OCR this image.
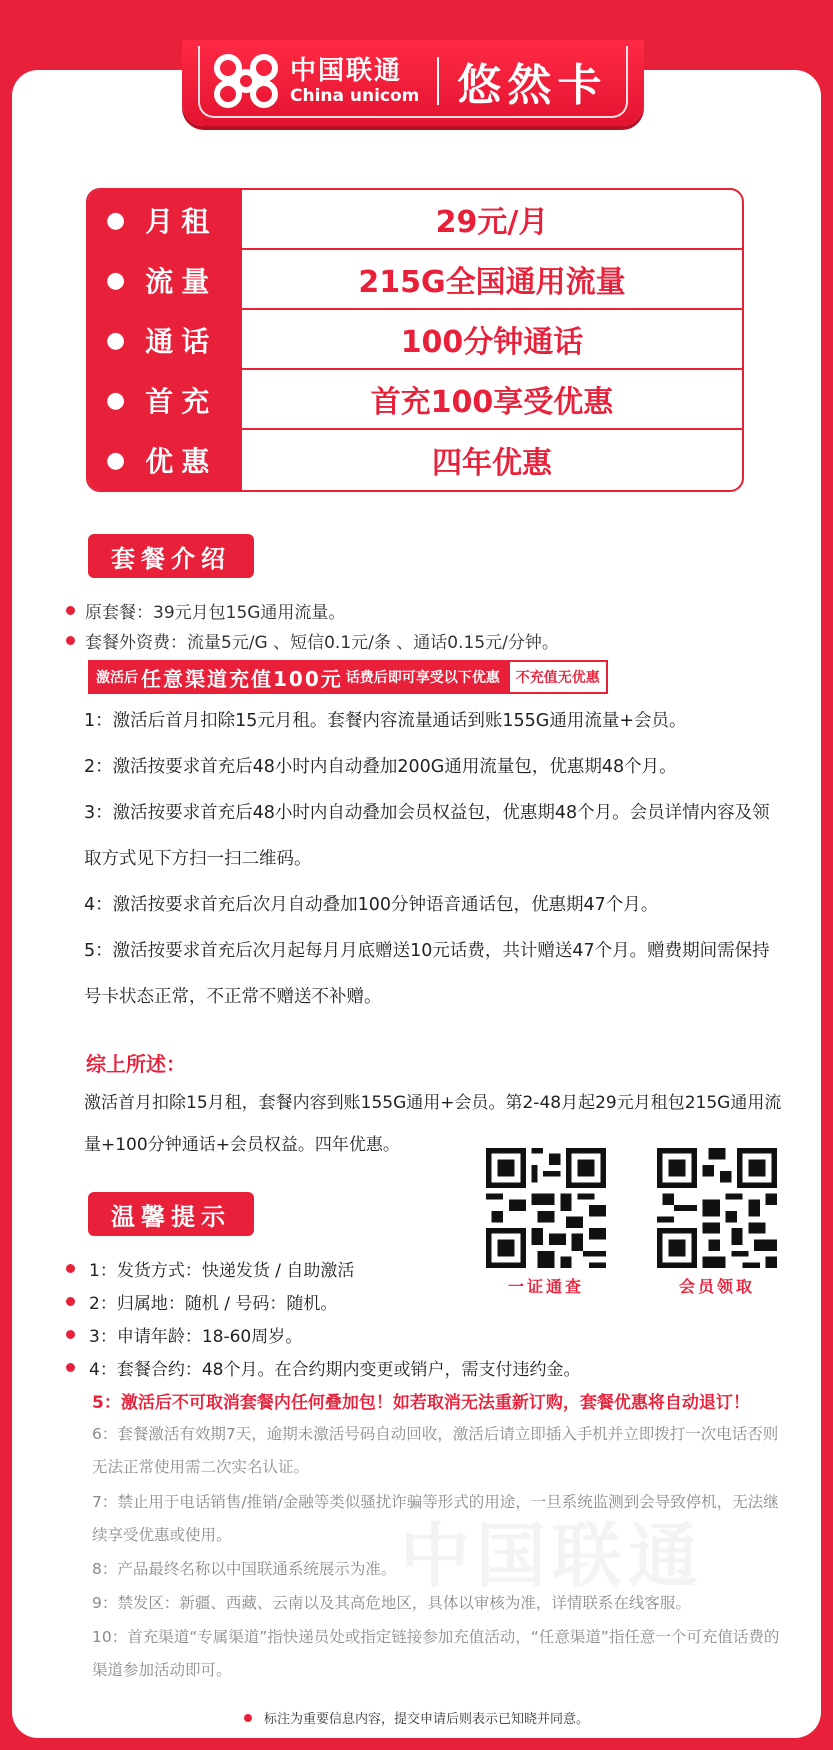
中国联通
China unicom 悠然卡
● 月租	29元/月
● 流量	215G全国通用流量
● 通话	100分钟通话
● 首充	首充100享受优惠
● 优惠	四年优惠
套餐介绍
原套餐：39元月包15G通用流量。
套餐外资费：流量5元/G 、短信0.1元/条 、通话0.15元/分钟。
激活后 任意渠道充值100元 话费后即可享受以下优惠	不充值无优惠
1：激活后首月扣除15元月租。套餐内容流量通话到账155G通用流量+会员。
2：激活按要求首充后48小时内自动叠加200G通用流量包，优惠期48个月。
3：激活按要求首充后48小时内自动叠加会员权益包，优惠期48个月。会员详情内容及领取方式见下方扫一扫二维码。
4：激活按要求首充后次月自动叠加100分钟语音通话包，优惠期47个月。
5：激活按要求首充后次月起每月月底赠送10元话费，共计赠送47个月。赠费期间需保持号卡状态正常，不正常不赠送不补赠。
综上所述：
激活首月扣除15月租，套餐内容到账155G通用+会员。第2-48月起29元月租包215G通用流量+100分钟通话+会员权益。四年优惠。
一证通查	会员领取
温馨提示
1：发货方式：快递发货 / 自助激活
2：归属地：随机 / 号码：随机。
3：申请年龄：18-60周岁。
4：套餐合约：48个月。在合约期内变更或销户，需支付违约金。
5：激活后不可取消套餐内任何叠加包！如若取消无法重新订购，套餐优惠将自动退订！
中国联通
6：套餐激活有效期7天，逾期未激活号码自动回收，激活后请立即插入手机并立即拨打一次电话否则无法正常使用需二次实名认证。
7：禁止用于电话销售/推销/金融等类似骚扰诈骗等形式的用途，一旦系统监测到会导致停机，无法继续享受优惠或使用。
8：产品最终名称以中国联通系统展示为准。
9：禁发区：新疆、西藏、云南以及其高危地区，具体以审核为准，详情联系在线客服。
10：首充渠道“专属渠道”指快递员处或指定链接参加充值活动，“任意渠道”指任意一个可充值话费的渠道参加活动即可。
标注为重要信息内容，提交申请后则表示已知晓并同意。
